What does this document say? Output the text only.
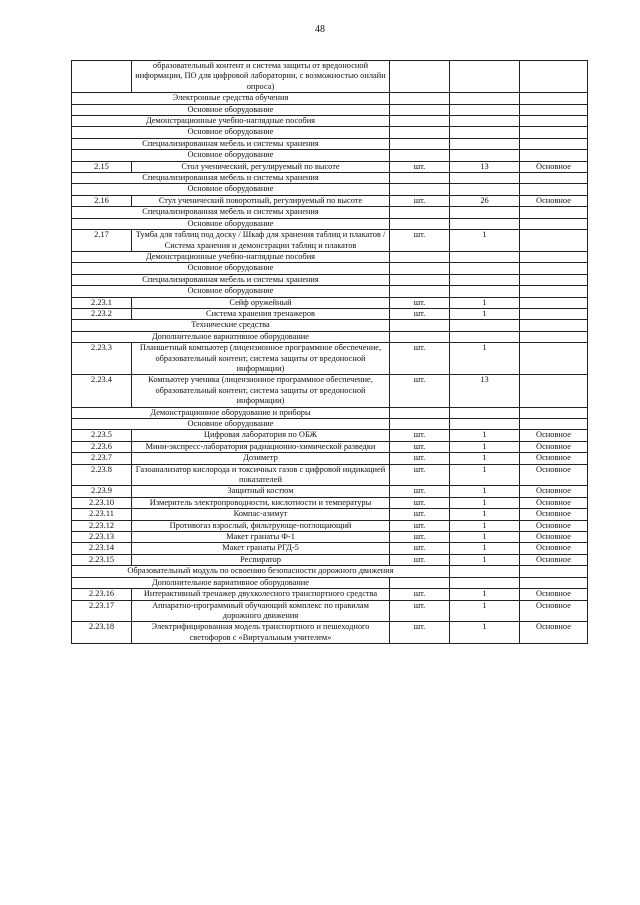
48
	образовательный контент и система защиты от вредоносной информации, ПО для цифровой лаборатории, с возможностью онлайн опроса)			
Электронные средства обучения				
Основное оборудование				
Демонстрационные учебно-наглядные пособия				
Основное оборудование				
Специализированная мебель и системы хранения				
Основное оборудование				
2.15	Стол ученический, регулируемый по высоте	шт.	13	Основное
Специализированная мебель и системы хранения				
Основное оборудование				
2.16	Стул ученический поворотный, регулируемый по высоте	шт.	26	Основное
Специализированная мебель и системы хранения				
Основное оборудование				
2.17	Тумба для таблиц под доску / Шкаф для хранения таблиц и плакатов / Система хранения и демонстрации таблиц и плакатов	шт.	1	
Демонстрационные учебно-наглядные пособия				
Основное оборудование				
Специализированная мебель и системы хранения				
Основное оборудование				
2.23.1	Сейф оружейный	шт.	1	
2.23.2	Система хранения тренажеров	шт.	1	
Технические средства				
Дополнительное вариативное оборудование				
2.23.3	Планшетный компьютер (лицензионное программное обеспечение, образовательный контент, система защиты от вредоносной информации)	шт.	1	
2.23.4	Компьютер ученика (лицензионное программное обеспечение, образовательный контент, система защиты от вредоносной информации)	шт.	13	
Демонстрационное оборудование и приборы				
Основное оборудование				
2.23.5	Цифровая лаборатория по ОБЖ	шт.	1	Основное
2.23.6	Мини-экспресс-лаборатория радиационно-химической разведки	шт.	1	Основное
2.23.7	Дозиметр	шт.	1	Основное
2.23.8	Газоанализатор кислорода и токсичных газов с цифровой индикацией показателей	шт.	1	Основное
2.23.9	Защитный костюм	шт.	1	Основное
2.23.10	Измеритель электропроводности, кислотности и температуры	шт.	1	Основное
2.23.11	Компас-азимут	шт.	1	Основное
2.23.12	Противогаз взрослый, фильтрующе-поглощающий	шт.	1	Основное
2.23.13	Макет гранаты Ф-1	шт.	1	Основное
2.23.14	Макет гранаты РГД-5	шт.	1	Основное
2.23.15	Респиратор	шт.	1	Основное
Образовательный модуль по освоению безопасности дорожного движения				
Дополнительное вариативное оборудование				
2.23.16	Интерактивный тренажер двухколесного транспортного средства	шт.	1	Основное
2.23.17	Аппаратно-программный обучающий комплекс по правилам дорожного движения	шт.	1	Основное
2.23.18	Электрифицированная модель транспортного и пешеходного светофоров с «Виртуальным учителем»	шт.	1	Основное
